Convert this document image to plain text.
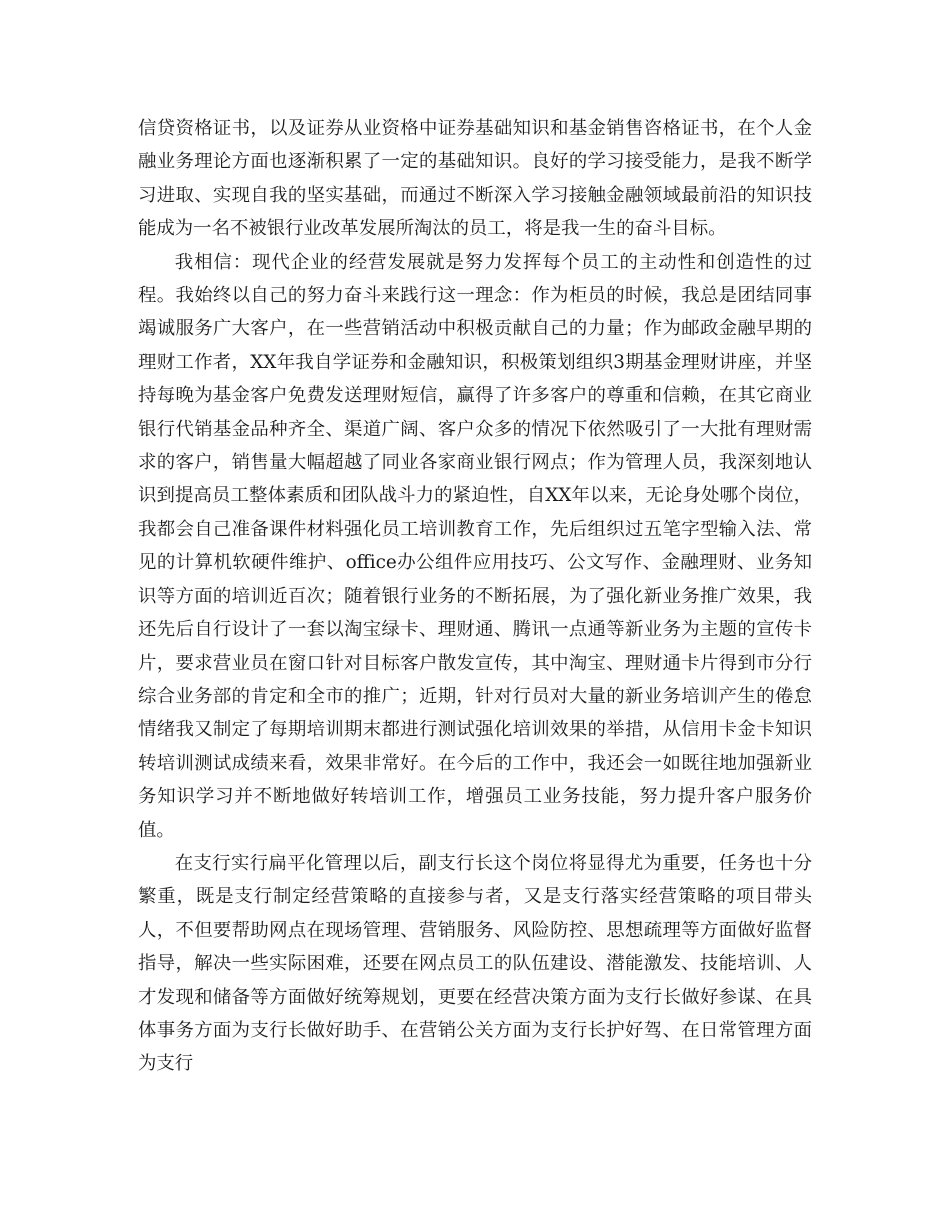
信贷资格证书，以及证券从业资格中证券基础知识和基金销售咨格证书，在个人金融业务理论方面也逐渐积累了一定的基础知识。良好的学习接受能力，是我不断学习进取、实现自我的坚实基础，而通过不断深入学习接触金融领域最前沿的知识技能成为一名不被银行业改革发展所淘汰的员工，将是我一生的奋斗目标。

我相信：现代企业的经营发展就是努力发挥每个员工的主动性和创造性的过程。我始终以自己的努力奋斗来践行这一理念：作为柜员的时候，我总是团结同事竭诚服务广大客户，在一些营销活动中积极贡献自己的力量；作为邮政金融早期的理财工作者，XX年我自学证券和金融知识，积极策划组织3期基金理财讲座，并坚持每晚为基金客户免费发送理财短信，赢得了许多客户的尊重和信赖，在其它商业银行代销基金品种齐全、渠道广阔、客户众多的情况下依然吸引了一大批有理财需求的客户，销售量大幅超越了同业各家商业银行网点；作为管理人员，我深刻地认识到提高员工整体素质和团队战斗力的紧迫性，自XX年以来，无论身处哪个岗位，我都会自己准备课件材料强化员工培训教育工作，先后组织过五笔字型输入法、常见的计算机软硬件维护、office办公组件应用技巧、公文写作、金融理财、业务知识等方面的培训近百次；随着银行业务的不断拓展，为了强化新业务推广效果，我还先后自行设计了一套以淘宝绿卡、理财通、腾讯一点通等新业务为主题的宣传卡片，要求营业员在窗口针对目标客户散发宣传，其中淘宝、理财通卡片得到市分行综合业务部的肯定和全市的推广；近期，针对行员对大量的新业务培训产生的倦怠情绪我又制定了每期培训期末都进行测试强化培训效果的举措，从信用卡金卡知识转培训测试成绩来看，效果非常好。在今后的工作中，我还会一如既往地加强新业务知识学习并不断地做好转培训工作，增强员工业务技能，努力提升客户服务价值。

在支行实行扁平化管理以后，副支行长这个岗位将显得尤为重要，任务也十分繁重，既是支行制定经营策略的直接参与者，又是支行落实经营策略的项目带头人，不但要帮助网点在现场管理、营销服务、风险防控、思想疏理等方面做好监督指导，解决一些实际困难，还要在网点员工的队伍建设、潜能激发、技能培训、人才发现和储备等方面做好统筹规划，更要在经营决策方面为支行长做好参谋、在具体事务方面为支行长做好助手、在营销公关方面为支行长护好驾、在日常管理方面为支行
